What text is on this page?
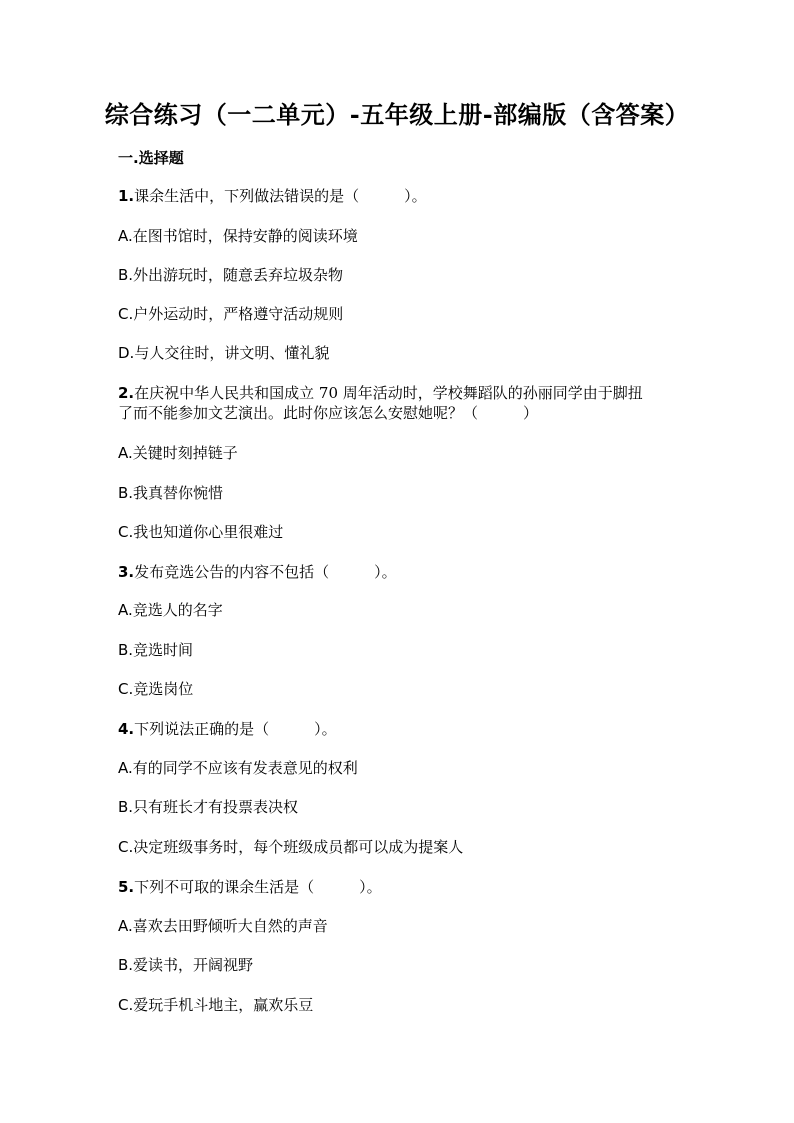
综合练习（一二单元）-五年级上册-部编版（含答案）
一.选择题
1.课余生活中，下列做法错误的是（　　　）。
A.在图书馆时，保持安静的阅读环境
B.外出游玩时，随意丢弃垃圾杂物
C.户外运动时，严格遵守活动规则
D.与人交往时，讲文明、懂礼貌
2.在庆祝中华人民共和国成立 70 周年活动时，学校舞蹈队的孙丽同学由于脚扭
了而不能参加文艺演出。此时你应该怎么安慰她呢？（　　　）
A.关键时刻掉链子
B.我真替你惋惜
C.我也知道你心里很难过
3.发布竞选公告的内容不包括（　　　）。
A.竞选人的名字
B.竞选时间
C.竞选岗位
4.下列说法正确的是（　　　）。
A.有的同学不应该有发表意见的权利
B.只有班长才有投票表决权
C.决定班级事务时，每个班级成员都可以成为提案人
5.下列不可取的课余生活是（　　　）。
A.喜欢去田野倾听大自然的声音
B.爱读书，开阔视野
C.爱玩手机斗地主，赢欢乐豆
